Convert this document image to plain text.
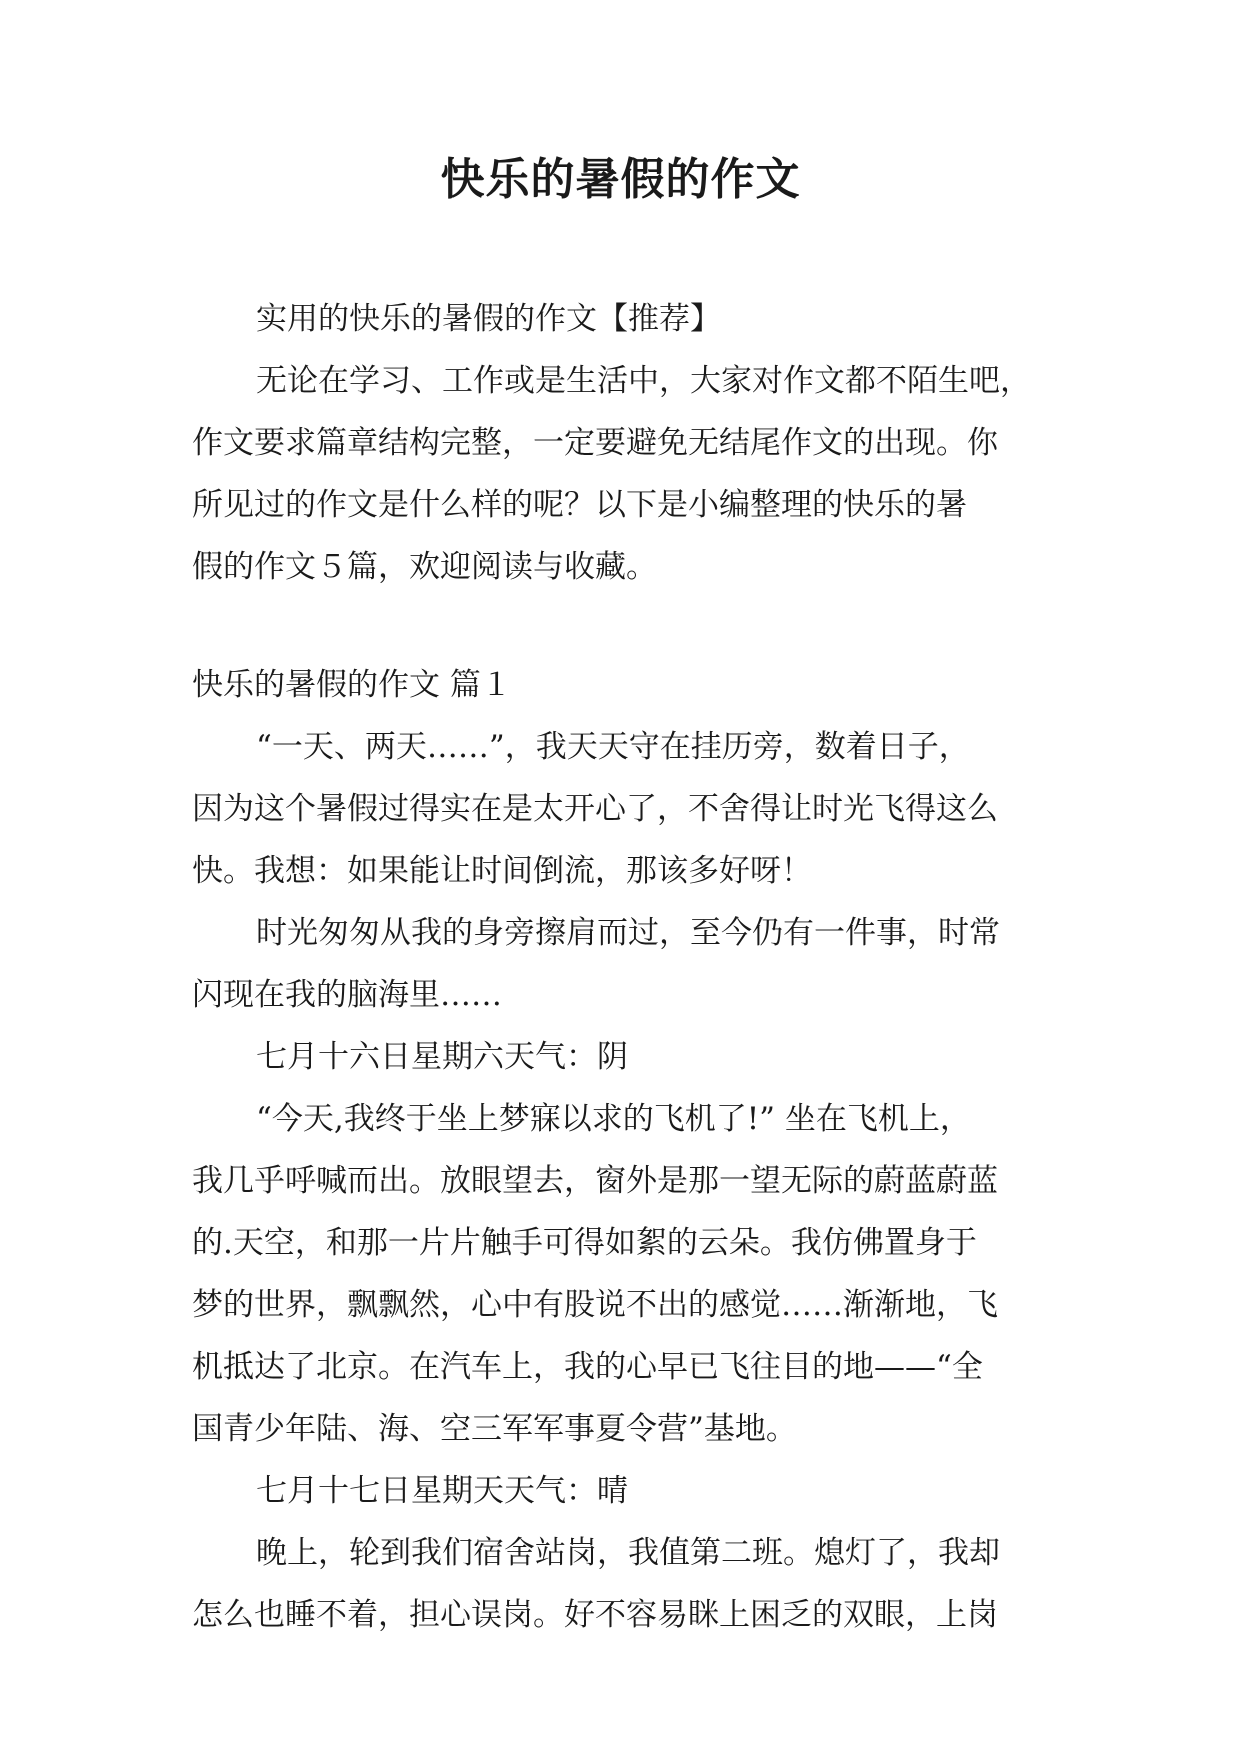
快乐的暑假的作文
实用的快乐的暑假的作文【推荐】
无论在学习、工作或是生活中，大家对作文都不陌生吧，
作文要求篇章结构完整，一定要避免无结尾作文的出现。你
所见过的作文是什么样的呢？以下是小编整理的快乐的暑
假的作文５篇，欢迎阅读与收藏。
快乐的暑假的作文 篇１
“一天、两天……”，我天天守在挂历旁，数着日子，
因为这个暑假过得实在是太开心了，不舍得让时光飞得这么
快。我想：如果能让时间倒流，那该多好呀！
时光匆匆从我的身旁擦肩而过，至今仍有一件事，时常
闪现在我的脑海里……
七月十六日星期六天气：阴
“今天,我终于坐上梦寐以求的飞机了!” 坐在飞机上，
我几乎呼喊而出。放眼望去，窗外是那一望无际的蔚蓝蔚蓝
的.天空，和那一片片触手可得如絮的云朵。我仿佛置身于
梦的世界，飘飘然，心中有股说不出的感觉……渐渐地，飞
机抵达了北京。在汽车上，我的心早已飞往目的地——“全
国青少年陆、海、空三军军事夏令营”基地。
七月十七日星期天天气：晴
晚上，轮到我们宿舍站岗，我值第二班。熄灯了，我却
怎么也睡不着，担心误岗。好不容易眯上困乏的双眼，上岗
